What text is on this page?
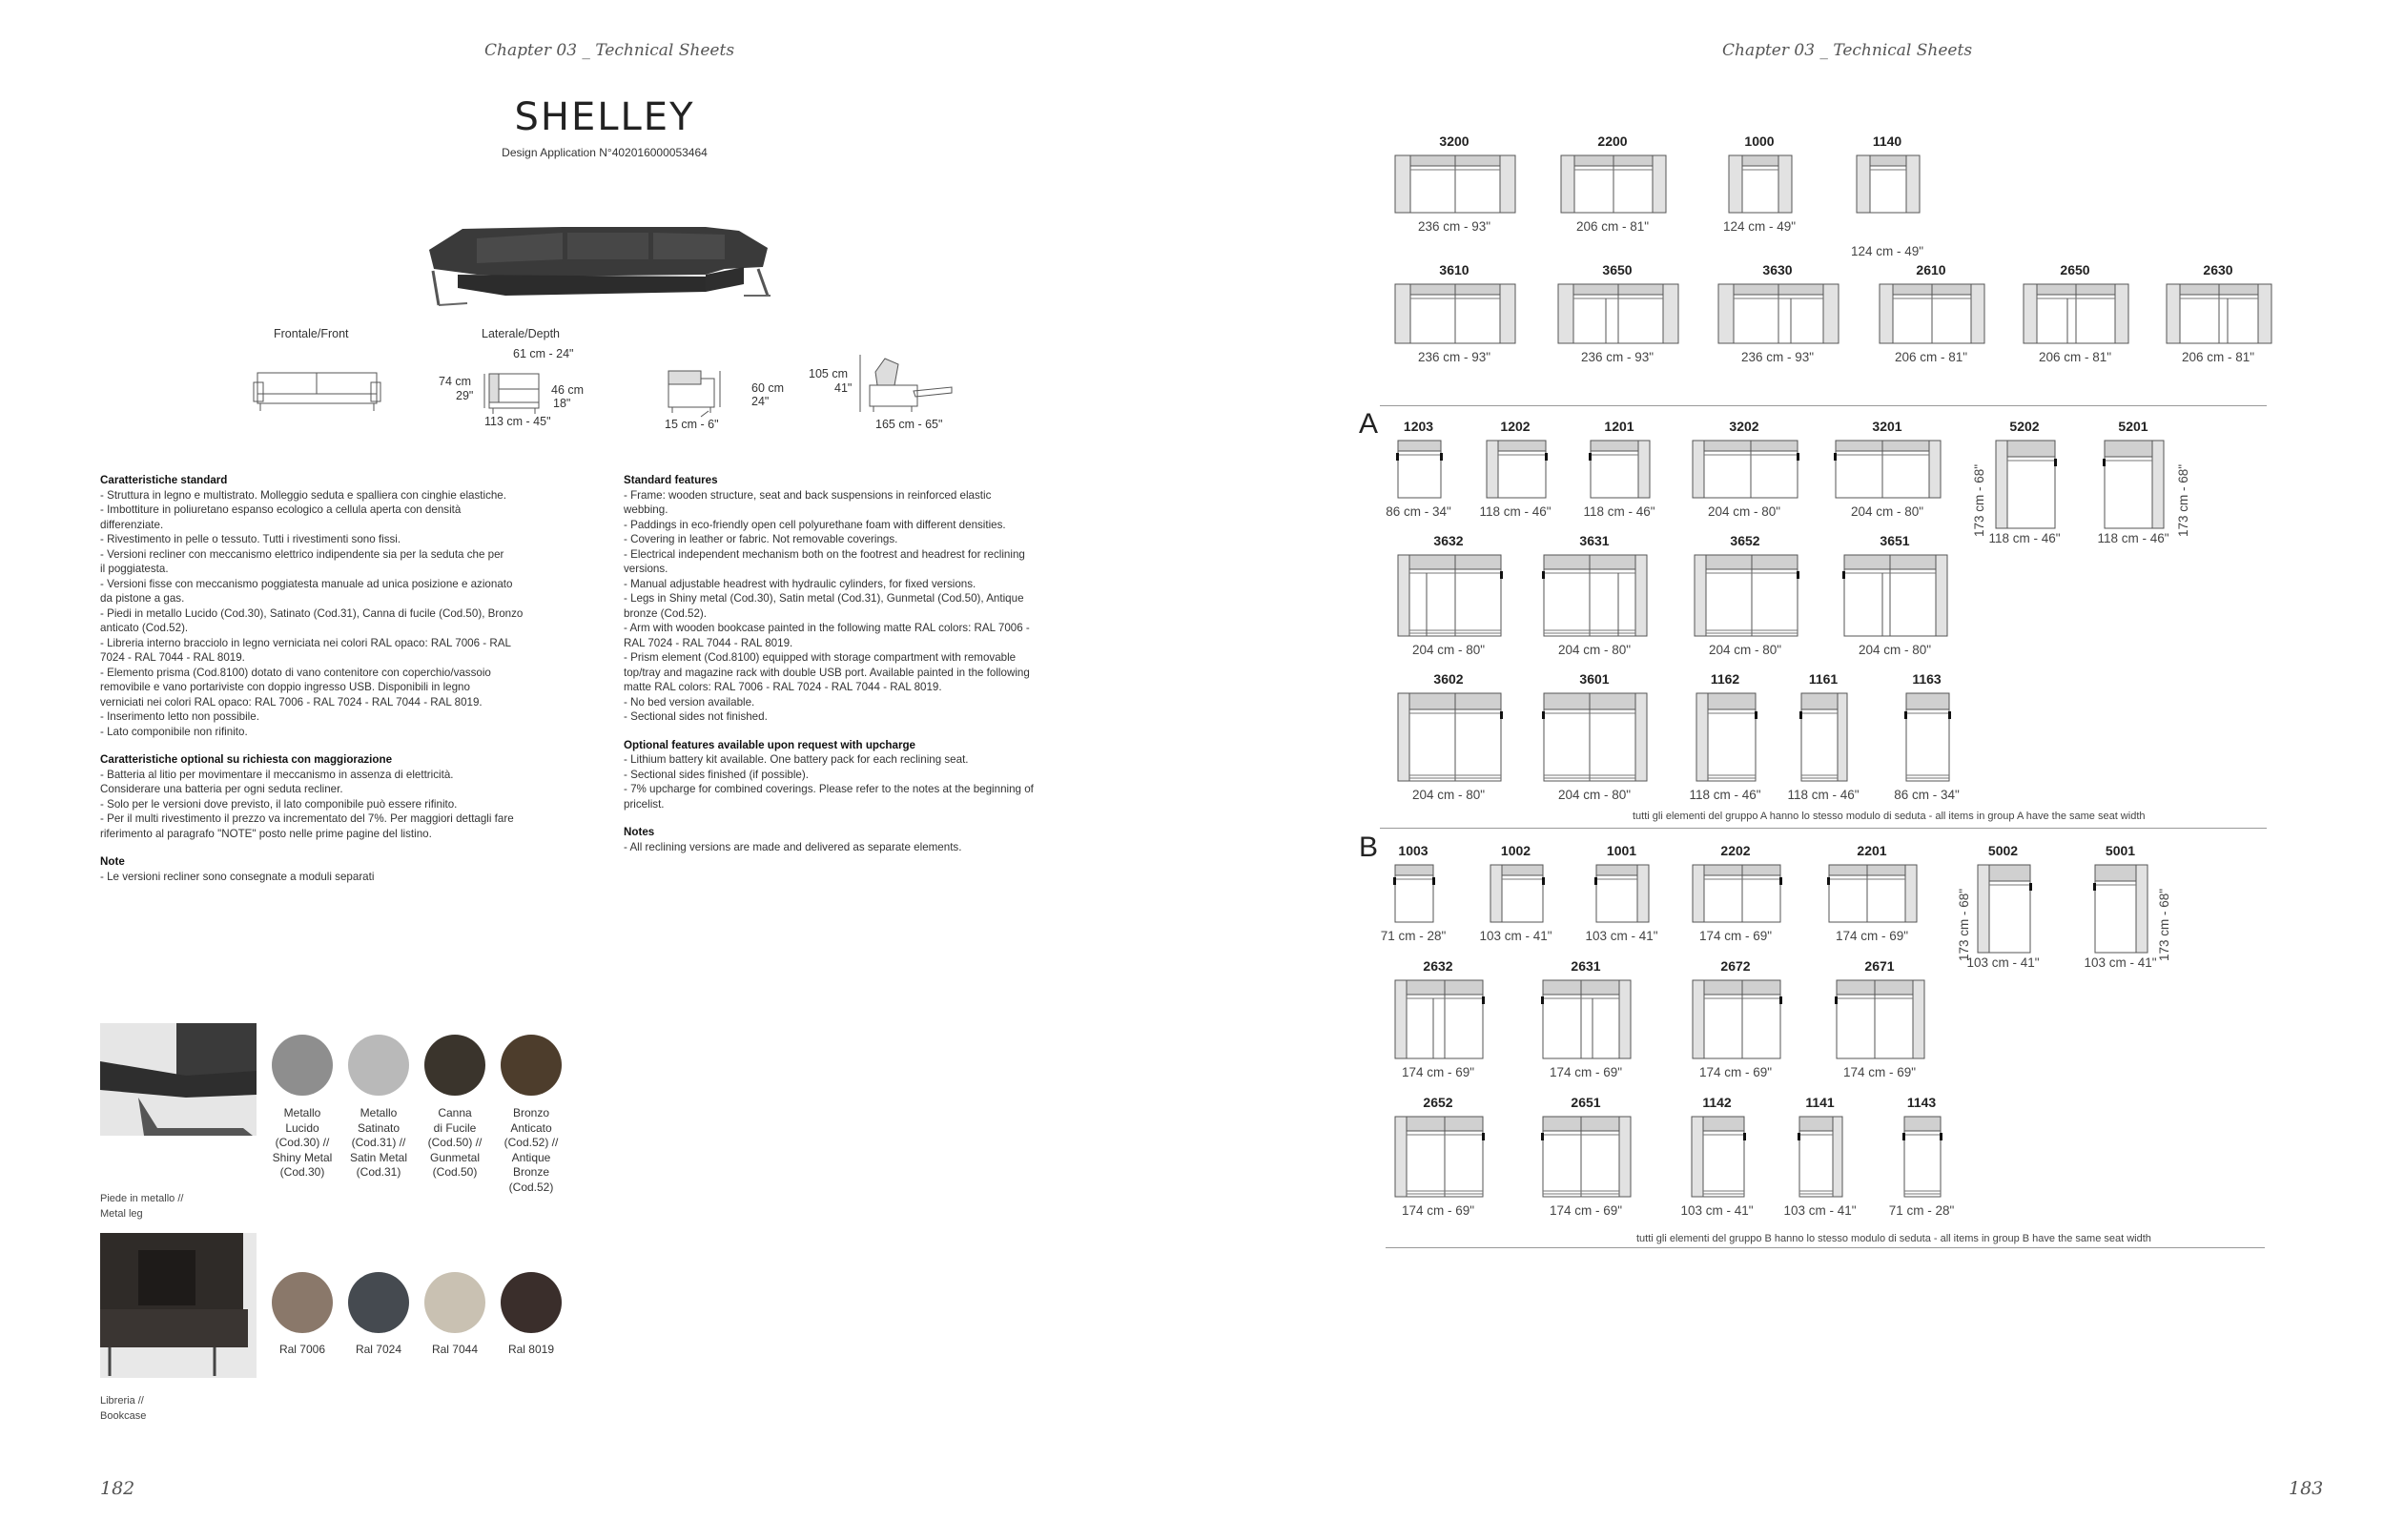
Chapter 03 _ Technical Sheets
SHELLEY
Design Application N°402016000053464
Frontale/Front	Laterale/Depth
61 cm - 24"
74 cm
29"	46 cm
18"
113 cm - 45"
60 cm
24"
15 cm - 6"
105 cm
41"
165 cm - 65"
Caratteristiche standard
- Struttura in legno e multistrato. Molleggio seduta e spalliera con cinghie elastiche.
- Imbottiture in poliuretano espanso ecologico a cellula aperta con densità
differenziate.
- Rivestimento in pelle o tessuto. Tutti i rivestimenti sono fissi.
- Versioni recliner con meccanismo elettrico indipendente sia per la seduta che per
il poggiatesta.
- Versioni fisse con meccanismo poggiatesta manuale ad unica posizione e azionato
da pistone a gas.
- Piedi in metallo Lucido (Cod.30), Satinato (Cod.31), Canna di fucile (Cod.50), Bronzo
anticato (Cod.52).
- Libreria interno bracciolo in legno verniciata nei colori RAL opaco: RAL 7006 - RAL
7024 - RAL 7044 - RAL 8019.
- Elemento prisma (Cod.8100) dotato di vano contenitore con coperchio/vassoio
removibile e vano portariviste con doppio ingresso USB. Disponibili in legno
verniciati nei colori RAL opaco: RAL 7006 - RAL 7024 - RAL 7044 - RAL 8019.
- Inserimento letto non possibile.
- Lato componibile non rifinito.
Caratteristiche optional su richiesta con maggiorazione
- Batteria al litio per movimentare il meccanismo in assenza di elettricità.
Considerare una batteria per ogni seduta recliner.
- Solo per le versioni dove previsto, il lato componibile può essere rifinito.
- Per il multi rivestimento il prezzo va incrementato del 7%. Per maggiori dettagli fare
riferimento al paragrafo "NOTE" posto nelle prime pagine del listino.
Note
- Le versioni recliner sono consegnate a moduli separati
Standard features
- Frame: wooden structure, seat and back suspensions in reinforced elastic
webbing.
- Paddings in eco-friendly open cell polyurethane foam with different densities.
- Covering in leather or fabric. Not removable coverings.
- Electrical independent mechanism both on the footrest and headrest for reclining
versions.
- Manual adjustable headrest with hydraulic cylinders, for fixed versions.
- Legs in Shiny metal (Cod.30), Satin metal (Cod.31), Gunmetal (Cod.50), Antique
bronze (Cod.52).
- Arm with wooden bookcase painted in the following matte RAL colors: RAL 7006 -
RAL 7024 - RAL 7044 - RAL 8019.
- Prism element (Cod.8100) equipped with storage compartment with removable
top/tray and magazine rack with double USB port. Available painted in the following
matte RAL colors: RAL 7006 - RAL 7024 - RAL 7044 - RAL 8019.
- No bed version available.
- Sectional sides not finished.
Optional features available upon request with upcharge
- Lithium battery kit available. One battery pack for each reclining seat.
- Sectional sides finished (if possible).
- 7% upcharge for combined coverings. Please refer to the notes at the beginning of
pricelist.
Notes
- All reclining versions are made and delivered as separate elements.
Piede in metallo //
Metal leg
Metallo
Lucido
(Cod.30) //
Shiny Metal
(Cod.30)
Metallo
Satinato
(Cod.31) //
Satin Metal
(Cod.31)
Canna
di Fucile
(Cod.50) //
Gunmetal
(Cod.50)
Bronzo
Anticato
(Cod.52) //
Antique
Bronze
(Cod.52)
Libreria //
Bookcase
Ral 7006	Ral 7024	Ral 7044	Ral 8019
182
Chapter 03 _ Technical Sheets
3200
236 cm - 93"
2200
206 cm - 81"
1000
124 cm - 49"
1140
124 cm - 49"
3610
236 cm - 93"
3650
236 cm - 93"
3630
236 cm - 93"
2610
206 cm - 81"
2650
206 cm - 81"
2630
206 cm - 81"
1203
86 cm - 34"
1202
118 cm - 46"
1201
118 cm - 46"
3202
204 cm - 80"
3201
204 cm - 80"
5202
118 cm - 46"
173 cm - 68"
5201
118 cm - 46"
173 cm - 68"
3632
204 cm - 80"
3631
204 cm - 80"
3652
204 cm - 80"
3651
204 cm - 80"
3602
204 cm - 80"
3601
204 cm - 80"
1162
118 cm - 46"
1161
118 cm - 46"
1163
86 cm - 34"
1003
71 cm - 28"
1002
103 cm - 41"
1001
103 cm - 41"
2202
174 cm - 69"
2201
174 cm - 69"
5002
103 cm - 41"
173 cm - 68"
5001
103 cm - 41"
173 cm - 68"
2632
174 cm - 69"
2631
174 cm - 69"
2672
174 cm - 69"
2671
174 cm - 69"
2652
174 cm - 69"
2651
174 cm - 69"
1142
103 cm - 41"
1141
103 cm - 41"
1143
71 cm - 28"
A
tutti gli elementi del gruppo A hanno lo stesso modulo di seduta - all items in group A have the same seat width
B
tutti gli elementi del gruppo B hanno lo stesso modulo di seduta - all items in group B have the same seat width
183
